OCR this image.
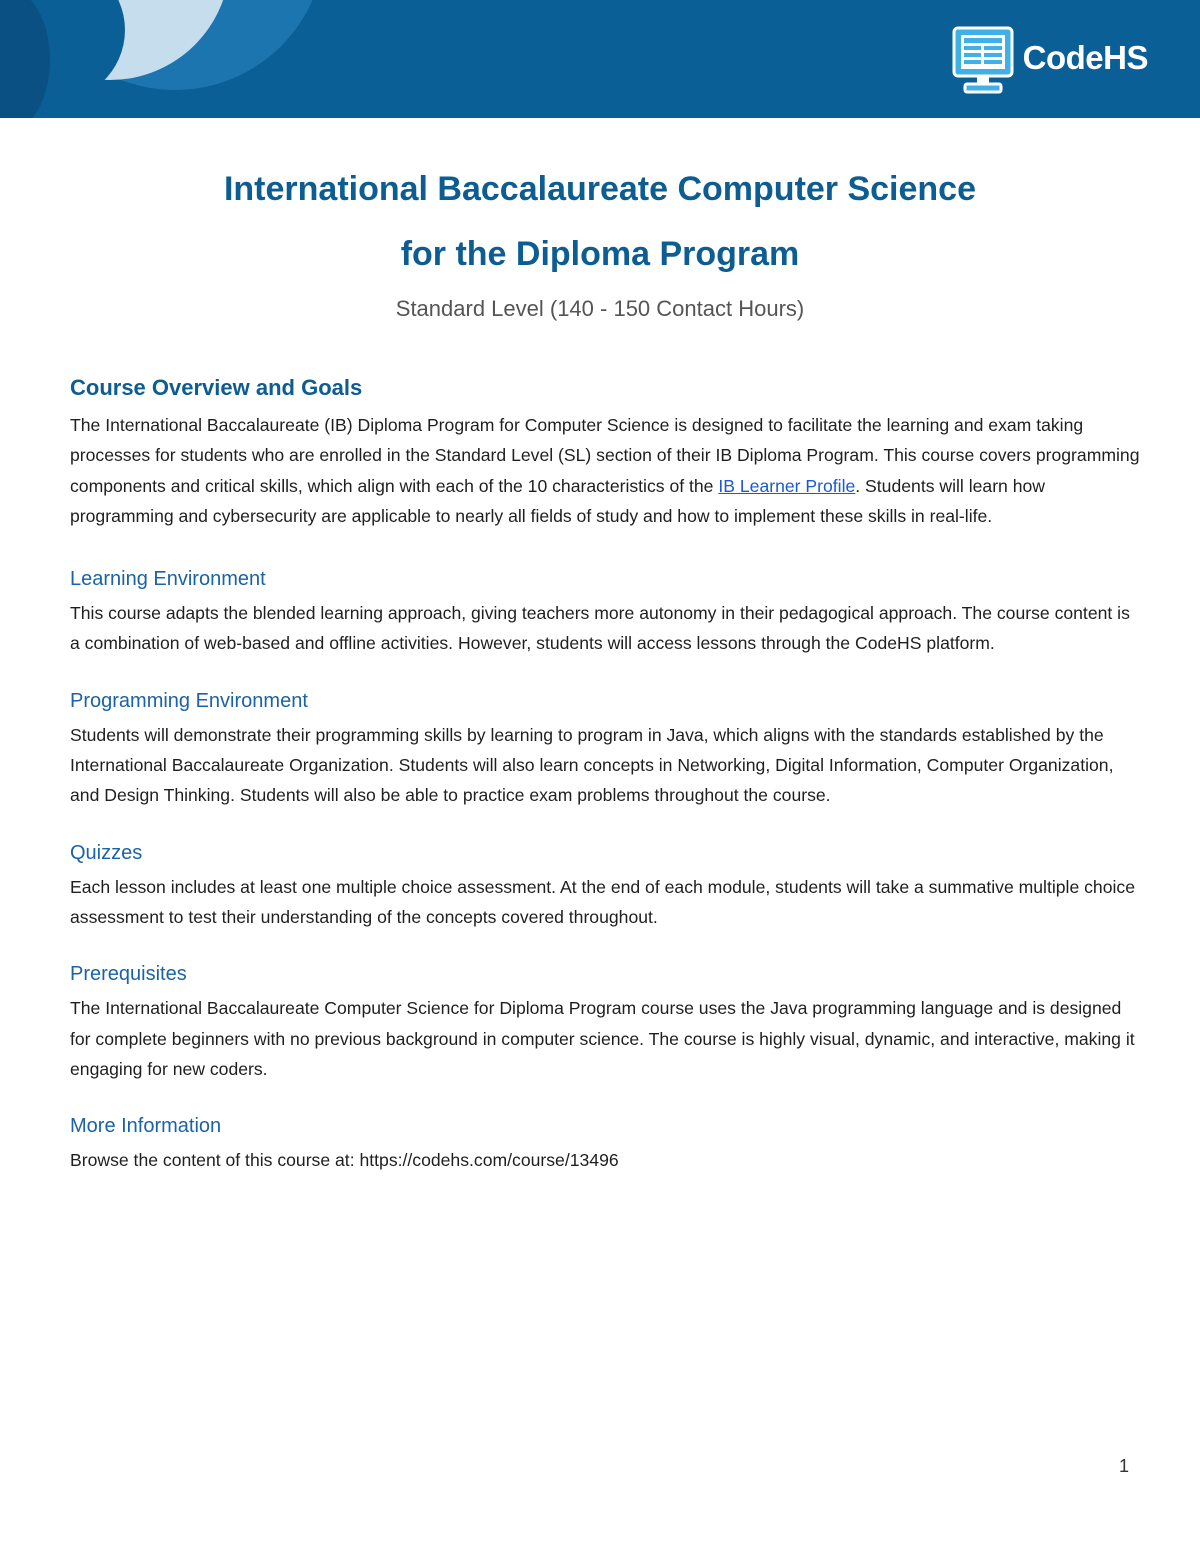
CodeHS
International Baccalaureate Computer Science
for the Diploma Program

Standard Level (140 - 150 Contact Hours)

Course Overview and Goals

The International Baccalaureate (IB) Diploma Program for Computer Science is designed to facilitate the learning and exam taking processes for students who are enrolled in the Standard Level (SL) section of their IB Diploma Program. This course covers programming components and critical skills, which align with each of the 10 characteristics of the IB Learner Profile. Students will learn how programming and cybersecurity are applicable to nearly all fields of study and how to implement these skills in real-life.

Learning Environment

This course adapts the blended learning approach, giving teachers more autonomy in their pedagogical approach. The course content is a combination of web-based and offline activities. However, students will access lessons through the CodeHS platform.

Programming Environment

Students will demonstrate their programming skills by learning to program in Java, which aligns with the standards established by the International Baccalaureate Organization. Students will also learn concepts in Networking, Digital Information, Computer Organization, and Design Thinking. Students will also be able to practice exam problems throughout the course.

Quizzes

Each lesson includes at least one multiple choice assessment. At the end of each module, students will take a summative multiple choice assessment to test their understanding of the concepts covered throughout.

Prerequisites

The International Baccalaureate Computer Science for Diploma Program course uses the Java programming language and is designed for complete beginners with no previous background in computer science. The course is highly visual, dynamic, and interactive, making it engaging for new coders.

More Information

Browse the content of this course at: https://codehs.com/course/13496

1
